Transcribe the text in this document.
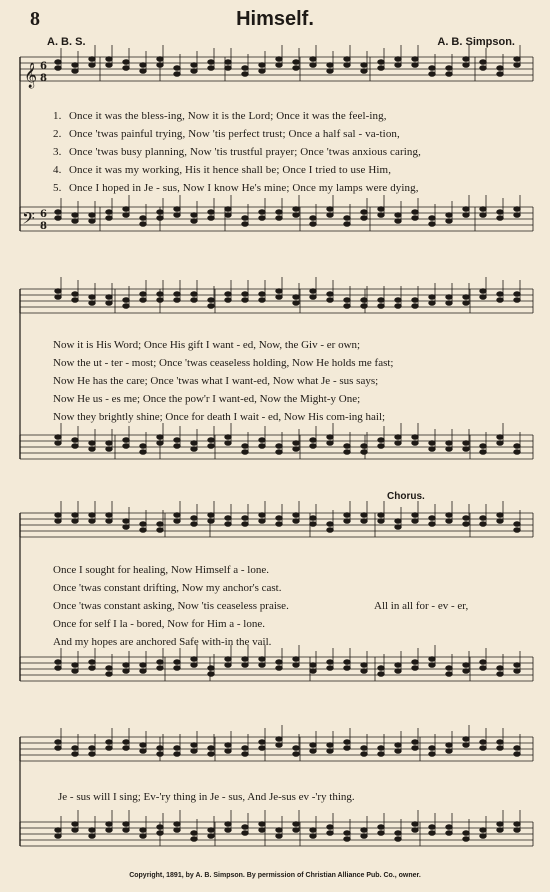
8	Himself.
A. B. S.	A. B. Simpson.
𝄞
𝄢
6
8
6
8
1. Once it was the bless-ing, Now it is the Lord; Once it was the feel-ing,
2. Once 'twas painful trying, Now 'tis perfect trust; Once a half sal - va-tion,
3. Once 'twas busy planning, Now 'tis trustful prayer; Once 'twas anxious caring,
4. Once it was my working, His it hence shall be; Once I tried to use Him,
5. Once I hoped in Je - sus, Now I know He's mine; Once my lamps were dying,
Now it is His Word; Once His gift I want - ed, Now, the Giv - er own;
Now the ut - ter - most; Once 'twas ceaseless holding, Now He holds me fast;
Now He has the care; Once 'twas what I want-ed, Now what Je - sus says;
Now He us - es me; Once the pow'r I want-ed, Now the Might-y One;
Now they brightly shine; Once for death I wait - ed, Now His com-ing hail;
Chorus.
Once I sought for healing, Now Himself a - lone.
Once 'twas constant drifting, Now my anchor's cast.
Once 'twas constant asking, Now 'tis ceaseless praise.
Once for self I la - bored, Now for Him a - lone.
And my hopes are anchored Safe with-in the vail.
All in all for - ev - er,
Je - sus will I sing; Ev-'ry thing in Je - sus, And Je-sus ev -'ry thing.
Copyright, 1891, by A. B. Simpson. By permission of Christian Alliance Pub. Co., owner.
